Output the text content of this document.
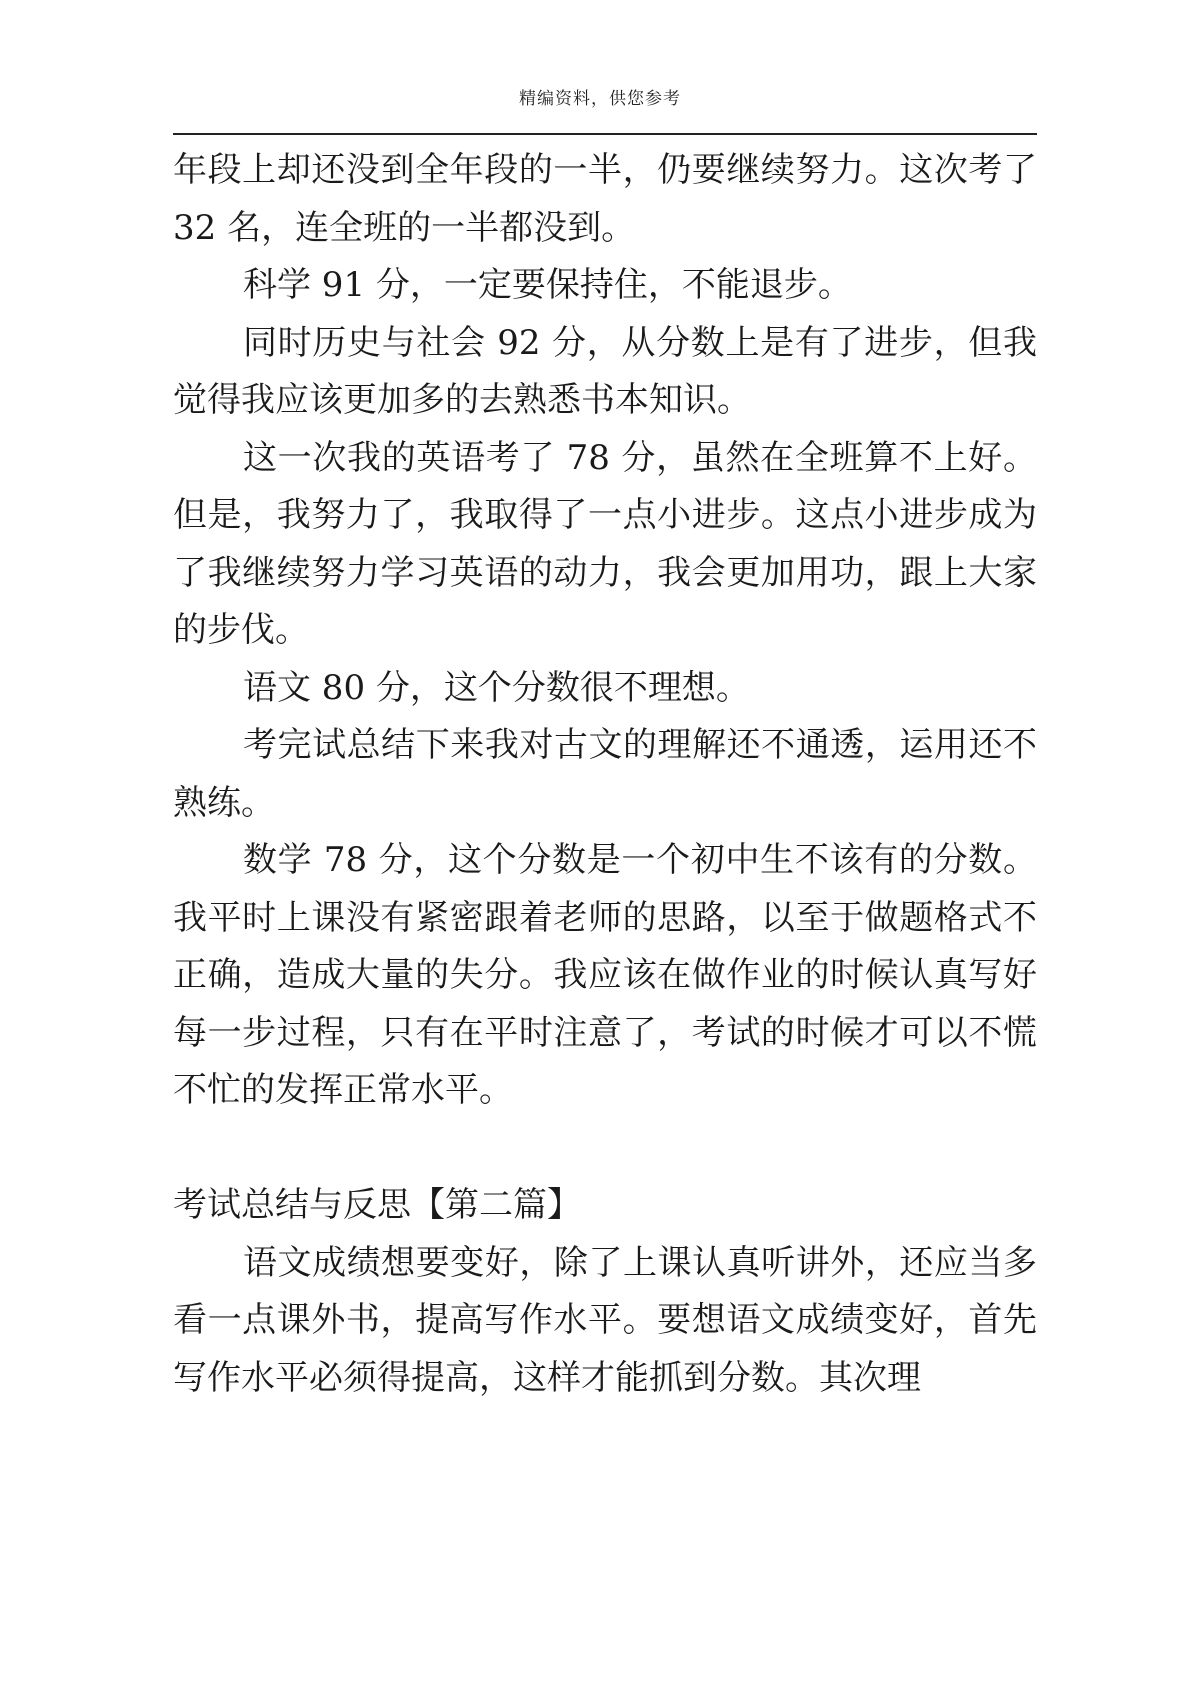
精编资料，供您参考

年段上却还没到全年段的一半，仍要继续努力。这次考了 32 名，连全班的一半都没到。

科学 91 分，一定要保持住，不能退步。

同时历史与社会 92 分，从分数上是有了进步，但我觉得我应该更加多的去熟悉书本知识。

这一次我的英语考了 78 分，虽然在全班算不上好。但是，我努力了，我取得了一点小进步。这点小进步成为了我继续努力学习英语的动力，我会更加用功，跟上大家的步伐。

语文 80 分，这个分数很不理想。

考完试总结下来我对古文的理解还不通透，运用还不熟练。

数学 78 分，这个分数是一个初中生不该有的分数。我平时上课没有紧密跟着老师的思路，以至于做题格式不正确，造成大量的失分。我应该在做作业的时候认真写好每一步过程，只有在平时注意了，考试的时候才可以不慌不忙的发挥正常水平。

考试总结与反思【第二篇】

语文成绩想要变好，除了上课认真听讲外，还应当多看一点课外书，提高写作水平。要想语文成绩变好，首先写作水平必须得提高，这样才能抓到分数。其次理
